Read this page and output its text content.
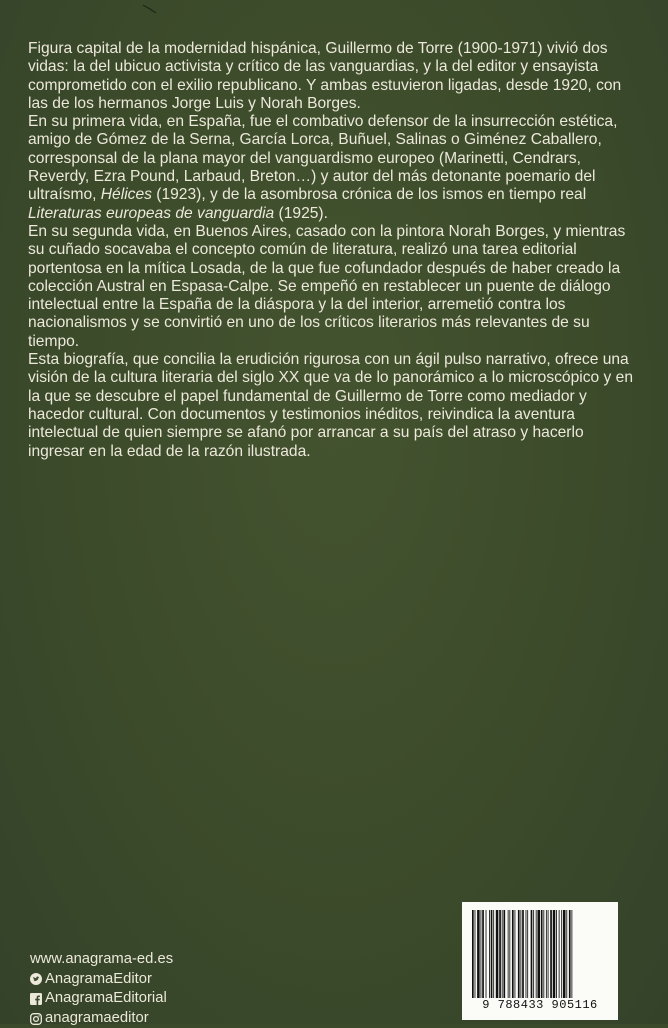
Figura capital de la modernidad hispánica, Guillermo de Torre (1900-1971) vivió dos vidas: la del ubicuo activista y crítico de las vanguardias, y la del editor y ensayista comprometido con el exilio republicano. Y ambas estuvieron ligadas, desde 1920, con las de los hermanos Jorge Luis y Norah Borges.

En su primera vida, en España, fue el combativo defensor de la insurrección estética, amigo de Gómez de la Serna, García Lorca, Buñuel, Salinas o Giménez Caballero, corresponsal de la plana mayor del vanguardismo europeo (Marinetti, Cendrars, Reverdy, Ezra Pound, Larbaud, Breton…) y autor del más detonante poemario del ultraísmo, Hélices (1923), y de la asombrosa crónica de los ismos en tiempo real Literaturas europeas de vanguardia (1925).

En su segunda vida, en Buenos Aires, casado con la pintora Norah Borges, y mientras su cuñado socavaba el concepto común de literatura, realizó una tarea editorial portentosa en la mítica Losada, de la que fue cofundador después de haber creado la colección Austral en Espasa-Calpe. Se empeñó en restablecer un puente de diálogo intelectual entre la España de la diáspora y la del interior, arremetió contra los nacionalismos y se convirtió en uno de los críticos literarios más relevantes de su tiempo.

Esta biografía, que concilia la erudición rigurosa con un ágil pulso narrativo, ofrece una visión de la cultura literaria del siglo XX que va de lo panorámico a lo microscópico y en la que se descubre el papel fundamental de Guillermo de Torre como mediador y hacedor cultural. Con documentos y testimonios inéditos, reivindica la aventura intelectual de quien siempre se afanó por arrancar a su país del atraso y hacerlo ingresar en la edad de la razón ilustrada.

www.anagrama-ed.es
AnagramaEditor
AnagramaEditorial
anagramaeditor
9 788433 905116
